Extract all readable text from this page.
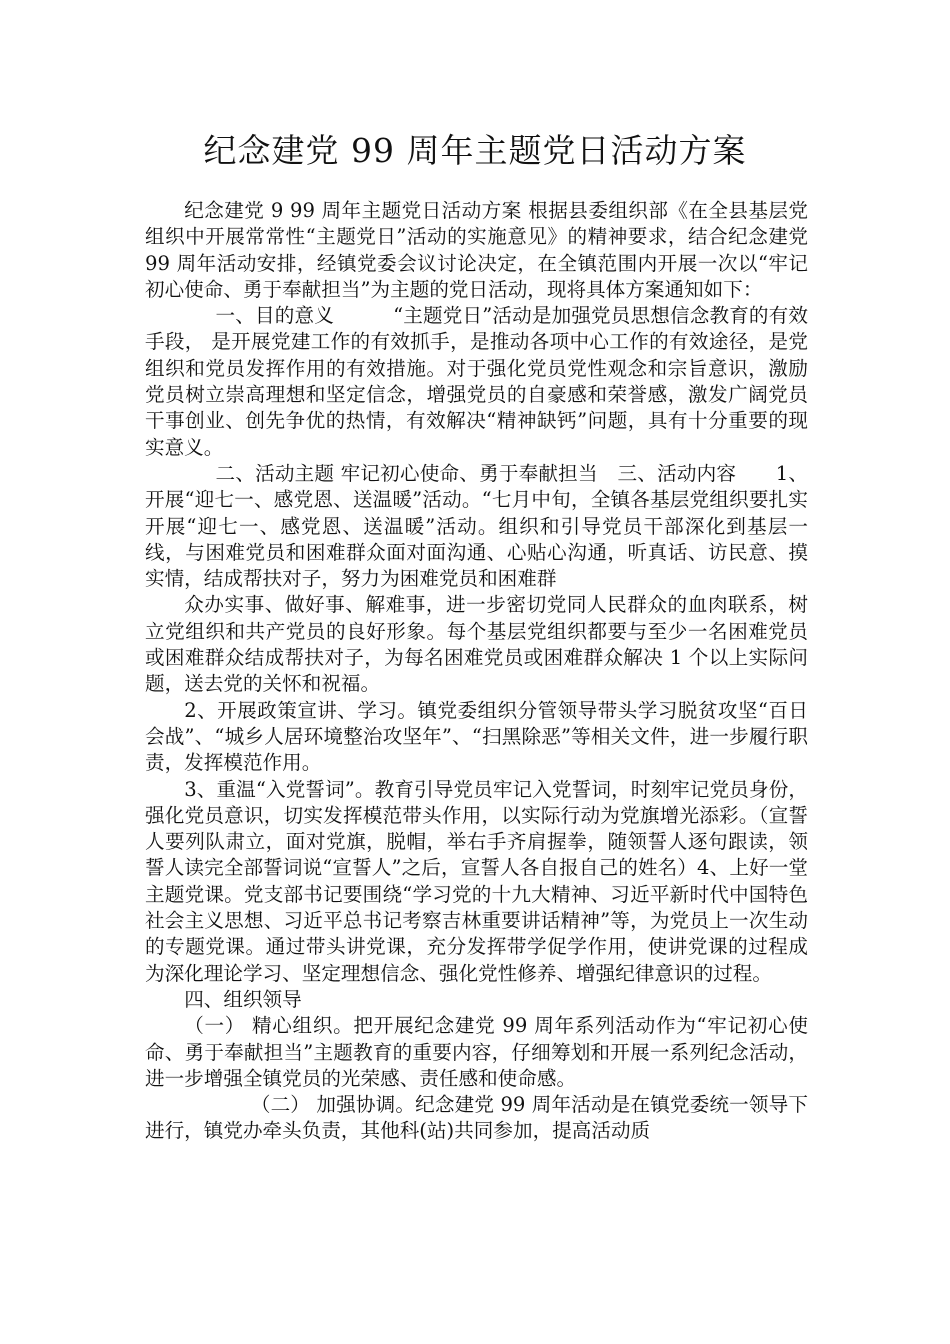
纪念建党 99 周年主题党日活动方案

纪念建党 9 99 周年主题党日活动方案 根据县委组织部《在全县基层党组织中开展常常性“主题党日”活动的实施意见》的精神要求，结合纪念建党 99 周年活动安排，经镇党委会议讨论决定，在全镇范围内开展一次以“牢记初心使命、勇于奉献担当”为主题的党日活动，现将具体方案通知如下：

一、目的意义　　　“主题党日”活动是加强党员思想信念教育的有效手段， 是开展党建工作的有效抓手，是推动各项中心工作的有效途径，是党组织和党员发挥作用的有效措施。对于强化党员党性观念和宗旨意识，激励党员树立崇高理想和坚定信念，增强党员的自豪感和荣誉感，激发广阔党员干事创业、创先争优的热情，有效解决“精神缺钙”问题，具有十分重要的现实意义。

二、活动主题 牢记初心使命、勇于奉献担当　三、活动内容　　1、开展“迎七一、感党恩、送温暖”活动。“七月中旬，全镇各基层党组织要扎实开展“迎七一、感党恩、送温暖”活动。组织和引导党员干部深化到基层一线，与困难党员和困难群众面对面沟通、心贴心沟通，听真话、访民意、摸实情，结成帮扶对子，努力为困难党员和困难群

众办实事、做好事、解难事，进一步密切党同人民群众的血肉联系，树立党组织和共产党员的良好形象。每个基层党组织都要与至少一名困难党员或困难群众结成帮扶对子，为每名困难党员或困难群众解决 1 个以上实际问题，送去党的关怀和祝福。

2、开展政策宣讲、学习。镇党委组织分管领导带头学习脱贫攻坚“百日会战”、“城乡人居环境整治攻坚年”、“扫黑除恶”等相关文件，进一步履行职责，发挥模范作用。

3、重温“入党誓词”。教育引导党员牢记入党誓词，时刻牢记党员身份，强化党员意识，切实发挥模范带头作用，以实际行动为党旗增光添彩。（宣誓人要列队肃立，面对党旗，脱帽，举右手齐肩握拳，随领誓人逐句跟读，领誓人读完全部誓词说“宣誓人”之后，宣誓人各自报自己的姓名）4、上好一堂主题党课。党支部书记要围绕“学习党的十九大精神、习近平新时代中国特色社会主义思想、习近平总书记考察吉林重要讲话精神”等，为党员上一次生动的专题党课。通过带头讲党课，充分发挥带学促学作用，使讲党课的过程成为深化理论学习、坚定理想信念、强化党性修养、增强纪律意识的过程。

四、组织领导

（一） 精心组织。把开展纪念建党 99 周年系列活动作为“牢记初心使命、勇于奉献担当”主题教育的重要内容，仔细筹划和开展一系列纪念活动，进一步增强全镇党员的光荣感、责任感和使命感。

（二） 加强协调。纪念建党 99 周年活动是在镇党委统一领导下进行，镇党办牵头负责，其他科(站)共同参加，提高活动质
